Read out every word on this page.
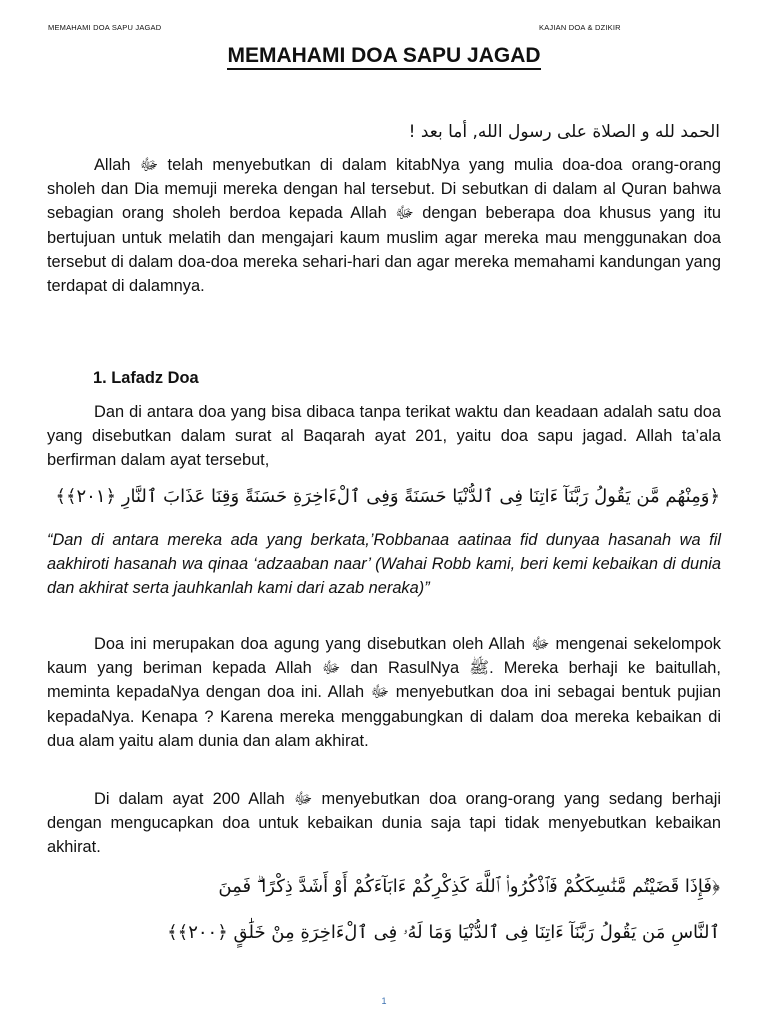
MEMAHAMI DOA SAPU JAGAD	KAJIAN DOA & DZIKIR
MEMAHAMI DOA SAPU JAGAD

الحمد لله و الصلاة على رسول الله, أما بعد !

Allah ﷻ telah menyebutkan di dalam kitabNya yang mulia doa-doa orang-orang sholeh dan Dia memuji mereka dengan hal tersebut. Di sebutkan di dalam al Quran bahwa sebagian orang sholeh berdoa kepada Allah ﷻ dengan beberapa doa khusus yang itu bertujuan untuk melatih dan mengajari kaum muslim agar mereka mau menggunakan doa tersebut di dalam doa-doa mereka sehari-hari dan agar mereka memahami kandungan yang terdapat di dalamnya.

1. Lafadz Doa

Dan di antara doa yang bisa dibaca tanpa terikat waktu dan keadaan adalah satu doa yang disebutkan dalam surat al Baqarah ayat 201, yaitu doa sapu jagad. Allah ta’ala berfirman dalam ayat tersebut,

﴿وَمِنْهُم مَّن يَقُولُ رَبَّنَآ ءَاتِنَا فِى ٱلدُّنْيَا حَسَنَةً وَفِى ٱلْءَاخِرَةِ حَسَنَةً وَقِنَا عَذَابَ ٱلنَّارِ ﴿٢٠١﴾﴾

“Dan di antara mereka ada yang berkata,’Robbanaa aatinaa fid dunyaa hasanah wa fil aakhiroti hasanah wa qinaa ‘adzaaban naar’ (Wahai Robb kami, beri kemi kebaikan di dunia dan akhirat serta jauhkanlah kami dari azab neraka)”

Doa ini merupakan doa agung yang disebutkan oleh Allah ﷻ mengenai sekelompok kaum yang beriman kepada Allah ﷻ dan RasulNya ﷺ. Mereka berhaji ke baitullah, meminta kepadaNya dengan doa ini. Allah ﷻ menyebutkan doa ini sebagai bentuk pujian kepadaNya. Kenapa ? Karena mereka menggabungkan di dalam doa mereka kebaikan di dua alam yaitu alam dunia dan alam akhirat.

Di dalam ayat 200 Allah ﷻ menyebutkan doa orang-orang yang sedang berhaji dengan mengucapkan doa untuk kebaikan dunia saja tapi tidak menyebutkan kebaikan akhirat.

﴿فَإِذَا قَضَيْتُم مَّنَٰسِكَكُمْ فَٱذْكُرُوا۟ ٱللَّهَ كَذِكْرِكُمْ ءَابَآءَكُمْ أَوْ أَشَدَّ ذِكْرًا ۗ فَمِنَ

ٱلنَّاسِ مَن يَقُولُ رَبَّنَآ ءَاتِنَا فِى ٱلدُّنْيَا وَمَا لَهُۥ فِى ٱلْءَاخِرَةِ مِنْ خَلَٰقٍ ﴿٢٠٠﴾﴾

1
